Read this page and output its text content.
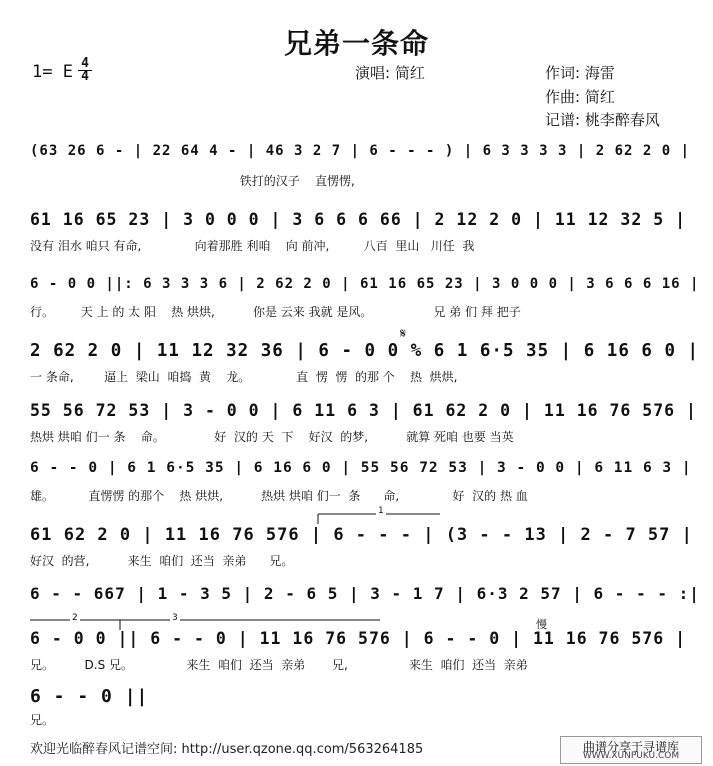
兄弟一条命
1= E 4
4	演唱: 简红	作词: 海雷
作曲: 简红
记谱: 桃李醉春风
(63 26 6 - | 22 64 4 - | 46 3 2 7 | 6 - - - ) | 6 3 3 3 3 | 2 62 2 0 |
铁打的汉子    直愣愣,
61 16 65 23 | 3 0 0 0 | 3 6 6 6 66 | 2 12 2 0 | 11 12 32 5 |
没有 泪水 咱只 有命,              向着那胜 利咱    向 前冲,         八百  里山   川任  我
6 - 0 0 ||: 6 3 3 3 6 | 2 62 2 0 | 61 16 65 23 | 3 0 0 0 | 3 6 6 6 16 |
行。       天 上 的 太 阳    热 烘烘,          你是 云来 我就 是风。                兄 弟 们 拜 把子
2 62 2 0 | 11 12 32 36 | 6 - 0 0 % 6 1 6·5 35 | 6 16 6 0 |
一 条命,        逼上  梁山  咱捣  黄    龙。            直  愣  愣  的那 个    热  烘烘,
55 56 72 53 | 3 - 0 0 | 6 11 6 3 | 61 62 2 0 | 11 16 76 576 |
热烘 烘咱 们一 条    命。             好  汉的 天  下    好汉  的梦,          就算 死咱 也要 当英
6 - - 0 | 6 1 6·5 35 | 6 16 6 0 | 55 56 72 53 | 3 - 0 0 | 6 11 6 3 |
雄。         直愣愣 的那个    热 烘烘,          热烘 烘咱 们一  条      命,              好  汉的 热 血
61 62 2 0 | 11 16 76 576 | 6 - - - | (3 - - 13 | 2 - 7 57 |
好汉  的营,          来生  咱们  还当  亲弟      兄。
6 - - 667 | 1 - 3 5 | 2 - 6 5 | 3 - 1 7 | 6·3 2 57 | 6 - - - :|
6 - 0 0 || 6 - - 0 | 11 16 76 576 | 6 - - 0 | 11 16 76 576 |
兄。        D.S 兄。              来生  咱们  还当  亲弟       兄,                来生  咱们  还当  亲弟
6 - - 0 ||
兄。
𝄋
慢
1
2	3
欢迎光临醉春风记谱空间: http://user.qzone.qq.com/563264185	曲谱分享于寻谱库
WWW.XUNPUKU.COM
